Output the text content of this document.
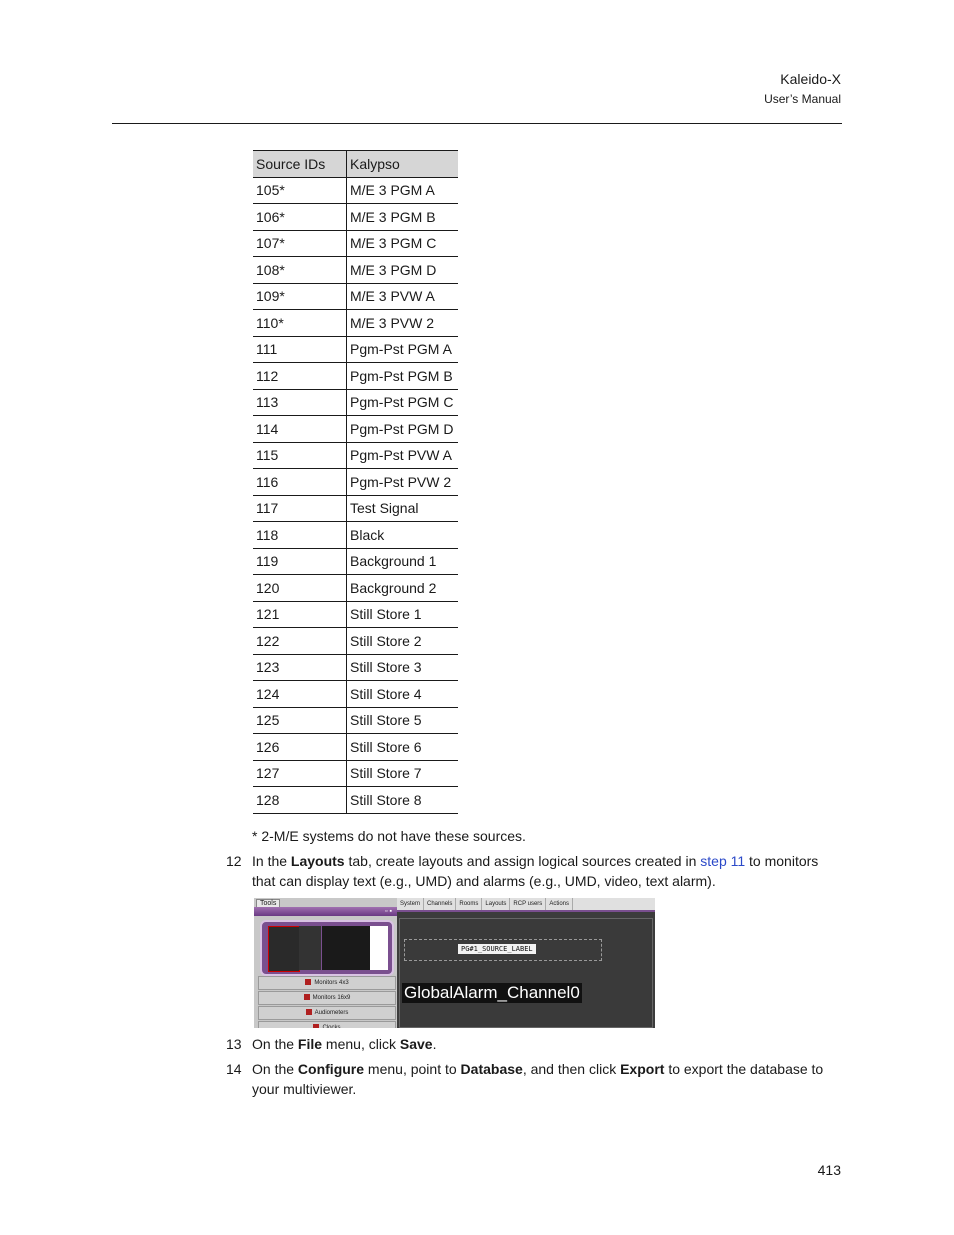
Kaleido-X
User’s Manual
Source IDs	Kalypso
105*	M/E 3 PGM A
106*	M/E 3 PGM B
107*	M/E 3 PGM C
108*	M/E 3 PGM D
109*	M/E 3 PVW A
110*	M/E 3 PVW 2
111	Pgm-Pst PGM A
112	Pgm-Pst PGM B
113	Pgm-Pst PGM C
114	Pgm-Pst PGM D
115	Pgm-Pst PVW A
116	Pgm-Pst PVW 2
117	Test Signal
118	Black
119	Background 1
120	Background 2
121	Still Store 1
122	Still Store 2
123	Still Store 3
124	Still Store 4
125	Still Store 5
126	Still Store 6
127	Still Store 7
128	Still Store 8
* 2-M/E systems do not have these sources.
12 In the Layouts tab, create layouts and assign logical sources created in step 11 to monitors that can display text (e.g., UMD) and alarms (e.g., UMD, video, text alarm).
Tools
▫▪
Monitors 4x3
Monitors 16x9
Audiometers
Clocks
System	Channels	Rooms	Layouts	RCP users	Actions
PG#1_SOURCE_LABEL
GlobalAlarm_Channel0
13 On the File menu, click Save.
14 On the Configure menu, point to Database, and then click Export to export the database to your multiviewer.
413
